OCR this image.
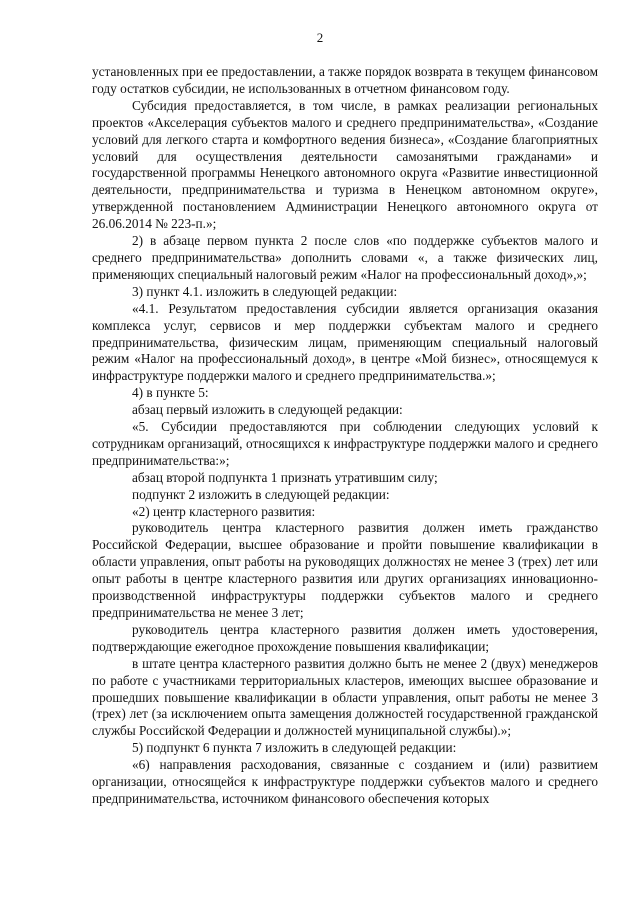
2

установленных при ее предоставлении, а также порядок возврата в текущем финансовом году остатков субсидии, не использованных в отчетном финансовом году.

Субсидия предоставляется, в том числе, в рамках реализации региональных проектов «Акселерация субъектов малого и среднего предпринимательства», «Создание условий для легкого старта и комфортного ведения бизнеса», «Создание благоприятных условий для осуществления деятельности самозанятыми гражданами» и государственной программы Ненецкого автономного округа «Развитие инвестиционной деятельности, предпринимательства и туризма в Ненецком автономном округе», утвержденной постановлением Администрации Ненецкого автономного округа от 26.06.2014 № 223-п.»;

2) в абзаце первом пункта 2 после слов «по поддержке субъектов малого и среднего предпринимательства» дополнить словами «, а также физических лиц, применяющих специальный налоговый режим «Налог на профессиональный доход»,»;

3) пункт 4.1. изложить в следующей редакции:

«4.1. Результатом предоставления субсидии является организация оказания комплекса услуг, сервисов и мер поддержки субъектам малого и среднего предпринимательства, физическим лицам, применяющим специальный налоговый режим «Налог на профессиональный доход», в центре «Мой бизнес», относящемуся к инфраструктуре поддержки малого и среднего предпринимательства.»;

4) в пункте 5:

абзац первый изложить в следующей редакции:

«5. Субсидии предоставляются при соблюдении следующих условий к сотрудникам организаций, относящихся к инфраструктуре поддержки малого и среднего предпринимательства:»;

абзац второй подпункта 1 признать утратившим силу;

подпункт 2 изложить в следующей редакции:

«2) центр кластерного развития:

руководитель центра кластерного развития должен иметь гражданство Российской Федерации, высшее образование и пройти повышение квалификации в области управления, опыт работы на руководящих должностях не менее 3 (трех) лет или опыт работы в центре кластерного развития или других организациях инновационно-производственной инфраструктуры поддержки субъектов малого и среднего предпринимательства не менее 3 лет;

руководитель центра кластерного развития должен иметь удостоверения, подтверждающие ежегодное прохождение повышения квалификации;

в штате центра кластерного развития должно быть не менее 2 (двух) менеджеров по работе с участниками территориальных кластеров, имеющих высшее образование и прошедших повышение квалификации в области управления, опыт работы не менее 3 (трех) лет (за исключением опыта замещения должностей государственной гражданской службы Российской Федерации и должностей муниципальной службы).»;

5) подпункт 6 пункта 7 изложить в следующей редакции:

«6) направления расходования, связанные с созданием и (или) развитием организации, относящейся к инфраструктуре поддержки субъектов малого и среднего предпринимательства, источником финансового обеспечения которых
